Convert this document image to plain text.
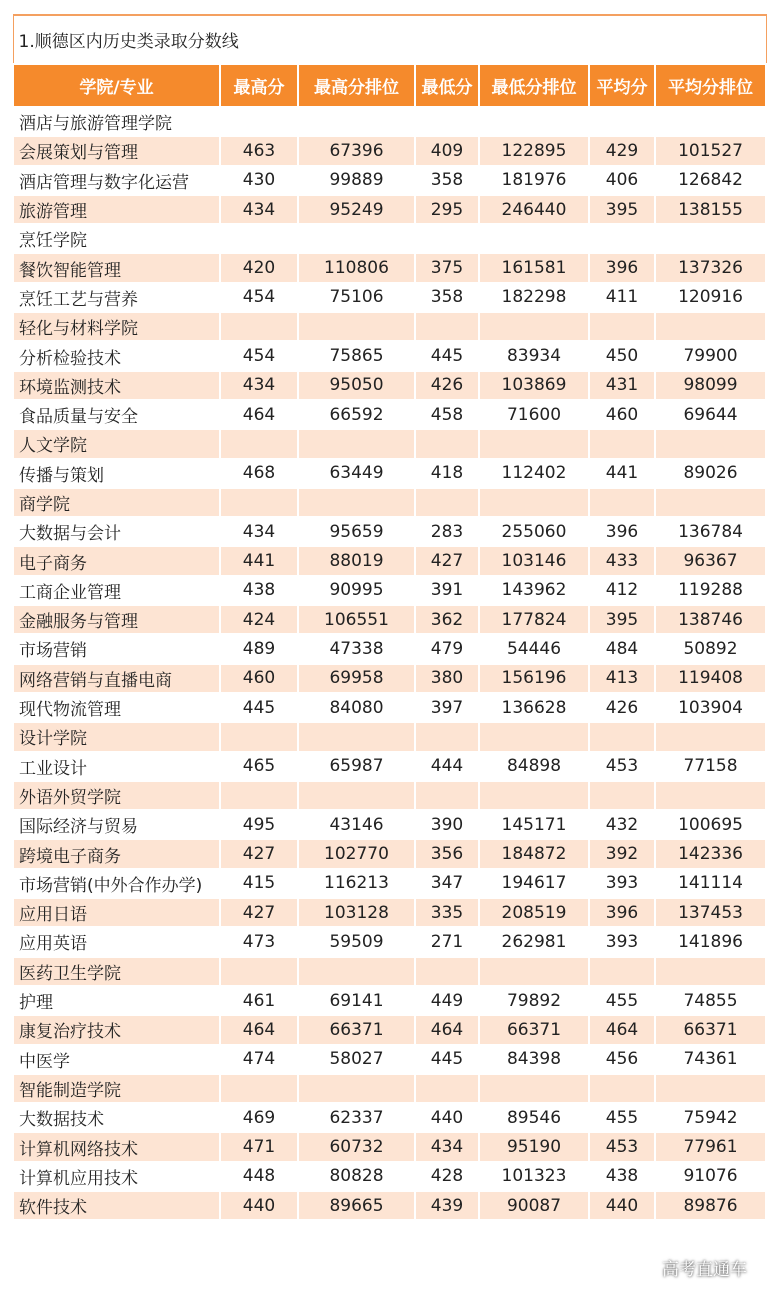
1.顺德区内历史类录取分数线						
学院/专业	最高分	最高分排位	最低分	最低分排位	平均分	平均分排位
酒店与旅游管理学院						
会展策划与管理	463	67396	409	122895	429	101527
酒店管理与数字化运营	430	99889	358	181976	406	126842
旅游管理	434	95249	295	246440	395	138155
烹饪学院						
餐饮智能管理	420	110806	375	161581	396	137326
烹饪工艺与营养	454	75106	358	182298	411	120916
轻化与材料学院						
分析检验技术	454	75865	445	83934	450	79900
环境监测技术	434	95050	426	103869	431	98099
食品质量与安全	464	66592	458	71600	460	69644
人文学院						
传播与策划	468	63449	418	112402	441	89026
商学院						
大数据与会计	434	95659	283	255060	396	136784
电子商务	441	88019	427	103146	433	96367
工商企业管理	438	90995	391	143962	412	119288
金融服务与管理	424	106551	362	177824	395	138746
市场营销	489	47338	479	54446	484	50892
网络营销与直播电商	460	69958	380	156196	413	119408
现代物流管理	445	84080	397	136628	426	103904
设计学院						
工业设计	465	65987	444	84898	453	77158
外语外贸学院						
国际经济与贸易	495	43146	390	145171	432	100695
跨境电子商务	427	102770	356	184872	392	142336
市场营销(中外合作办学)	415	116213	347	194617	393	141114
应用日语	427	103128	335	208519	396	137453
应用英语	473	59509	271	262981	393	141896
医药卫生学院						
护理	461	69141	449	79892	455	74855
康复治疗技术	464	66371	464	66371	464	66371
中医学	474	58027	445	84398	456	74361
智能制造学院						
大数据技术	469	62337	440	89546	455	75942
计算机网络技术	471	60732	434	95190	453	77961
计算机应用技术	448	80828	428	101323	438	91076
软件技术	440	89665	439	90087	440	89876
高考直通车
